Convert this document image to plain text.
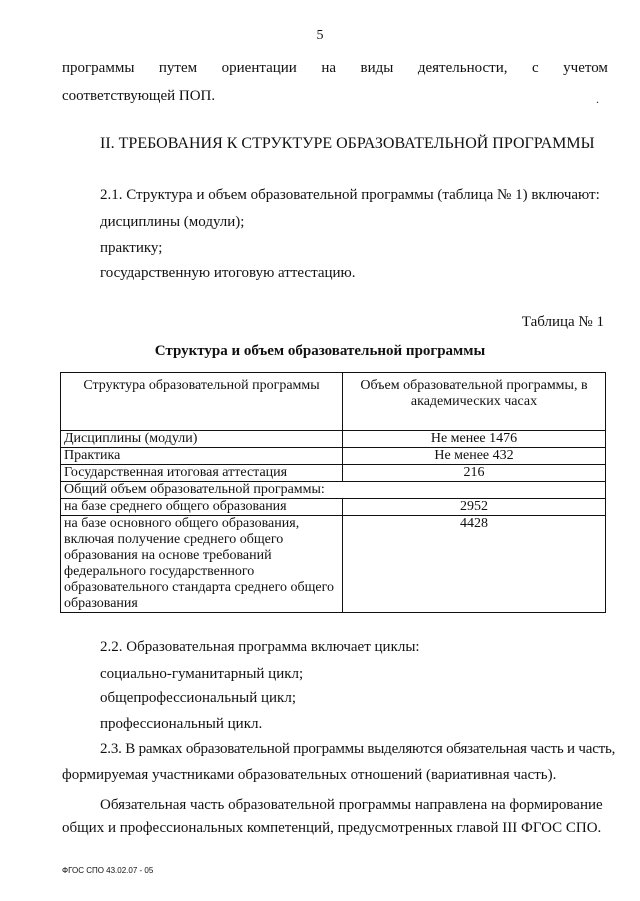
5
программы путем ориентации на виды деятельности, с учетом
соответствующей ПОП.	.
II. ТРЕБОВАНИЯ К СТРУКТУРЕ ОБРАЗОВАТЕЛЬНОЙ ПРОГРАММЫ
2.1. Структура и объем образовательной программы (таблица № 1) включают:
дисциплины (модули);
практику;
государственную итоговую аттестацию.
Таблица № 1
Структура и объем образовательной программы
Структура образовательной программы	Объем образовательной программы, в академических часах
Дисциплины (модули)	Не менее 1476
Практика	Не менее 432
Государственная итоговая аттестация	216
Общий объем образовательной программы:	
на базе среднего общего образования	2952
на базе основного общего образования, включая получение среднего общего образования на основе требований федерального государственного образовательного стандарта среднего общего образования	4428
2.2. Образовательная программа включает циклы:
социально-гуманитарный цикл;
общепрофессиональный цикл;
профессиональный цикл.
2.3. В рамках образовательной программы выделяются обязательная часть и часть,
формируемая участниками образовательных отношений (вариативная часть).
Обязательная часть образовательной программы направлена на формирование
общих и профессиональных компетенций, предусмотренных главой III ФГОС СПО.
ФГОС СПО 43.02.07 - 05
